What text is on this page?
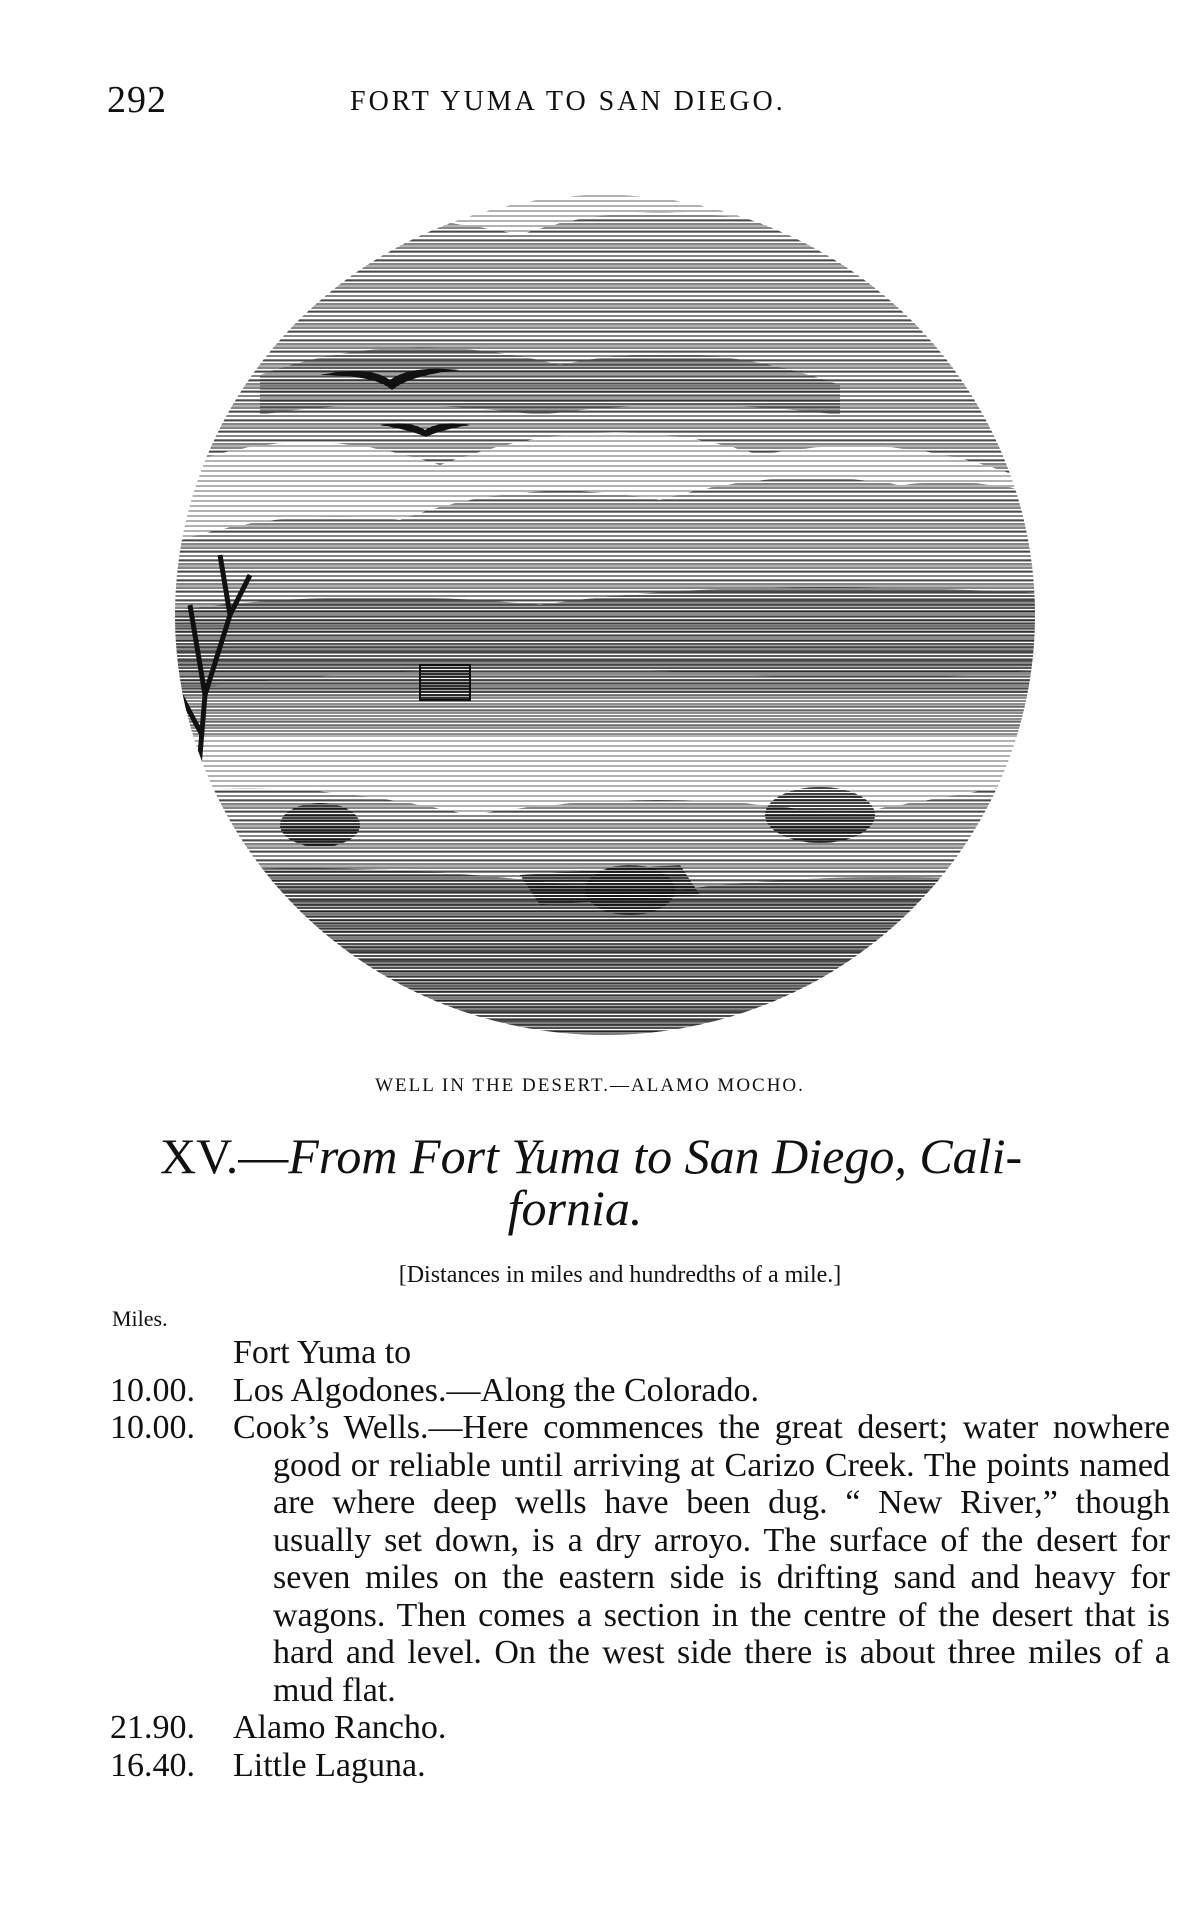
292	FORT YUMA TO SAN DIEGO.
WELL IN THE DESERT.—ALAMO MOCHO.
XV.—From Fort Yuma to San Diego, Cali-
fornia.
[Distances in miles and hundredths of a mile.]
Miles.
Fort Yuma to
10.00.	Los Algodones.—Along the Colorado.
10.00.	Cook’s Wells.—Here commences the great desert; water nowhere good or reliable until arriving at Carizo Creek. The points named are where deep wells have been dug. “ New River,” though usually set down, is a dry arroyo. The surface of the desert for seven miles on the eastern side is drifting sand and heavy for wagons. Then comes a section in the centre of the desert that is hard and level. On the west side there is about three miles of a mud flat.
21.90.	Alamo Rancho.
16.40.	Little Laguna.
